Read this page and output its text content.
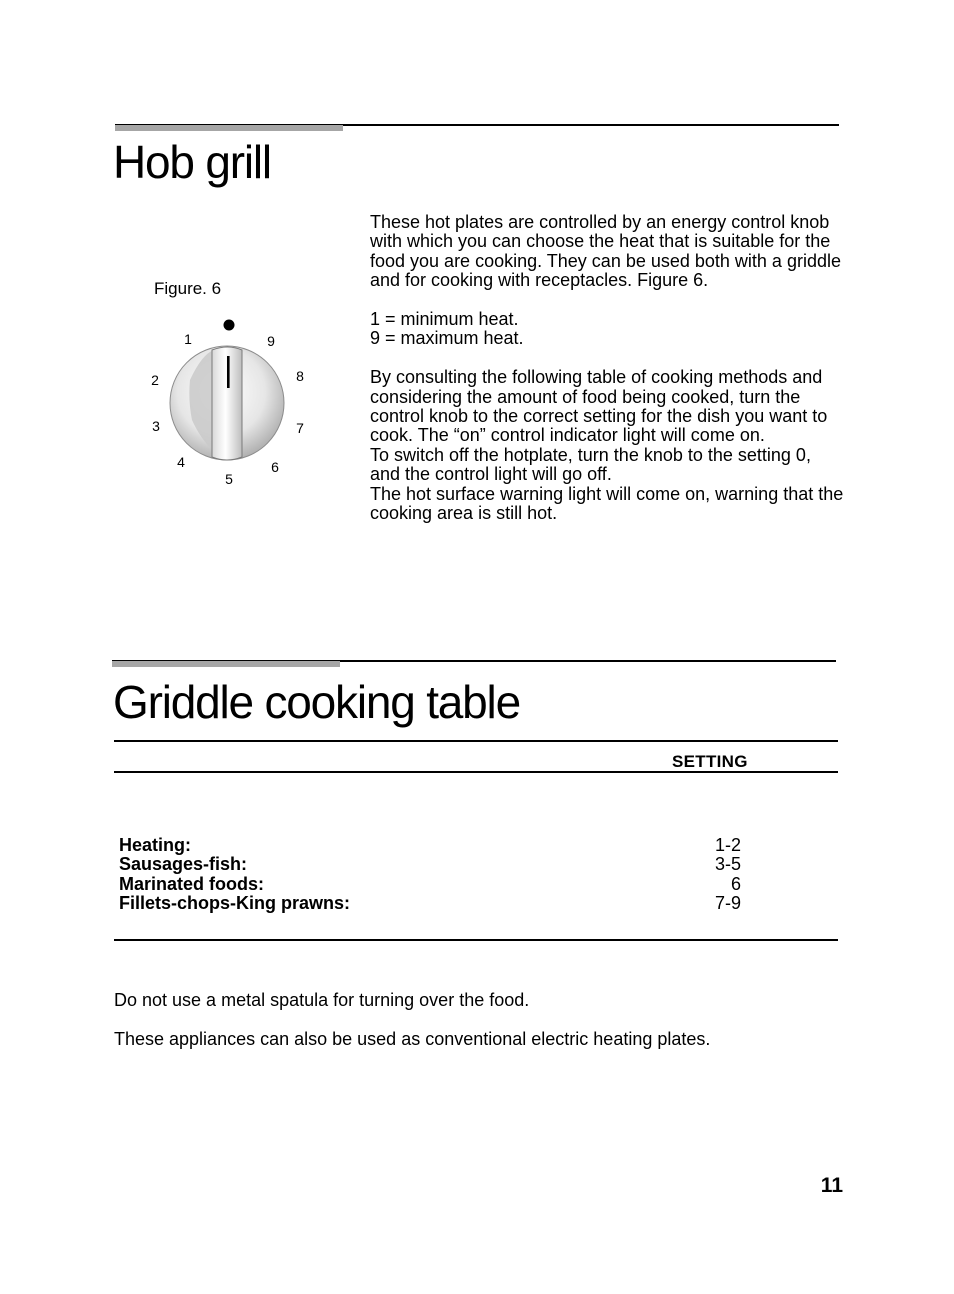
Hob grill
Figure. 6
1
2
3
4
5
6
7
8
9

These hot plates are controlled by an energy control knob with which you can choose the heat that is suitable for the food you are cooking. They can be used both with a griddle and for cooking with receptacles. Figure 6.

1 = minimum heat.
9 = maximum heat.

By consulting the following table of cooking methods and considering the amount of food being cooked, turn the control knob to the correct setting for the dish you want to cook. The “on” control indicator light will come on.
To switch off the hotplate, turn the knob to the setting 0, and the control light will go off.
The hot surface warning light will come on, warning that the cooking area is still hot.

Griddle cooking table
SETTING
Heating:
Sausages-fish:
Marinated foods:
Fillets-chops-King prawns:
1-2
3-5
6
7-9
Do not use a metal spatula for turning over the food.
These appliances can also be used as conventional electric heating plates.
11
